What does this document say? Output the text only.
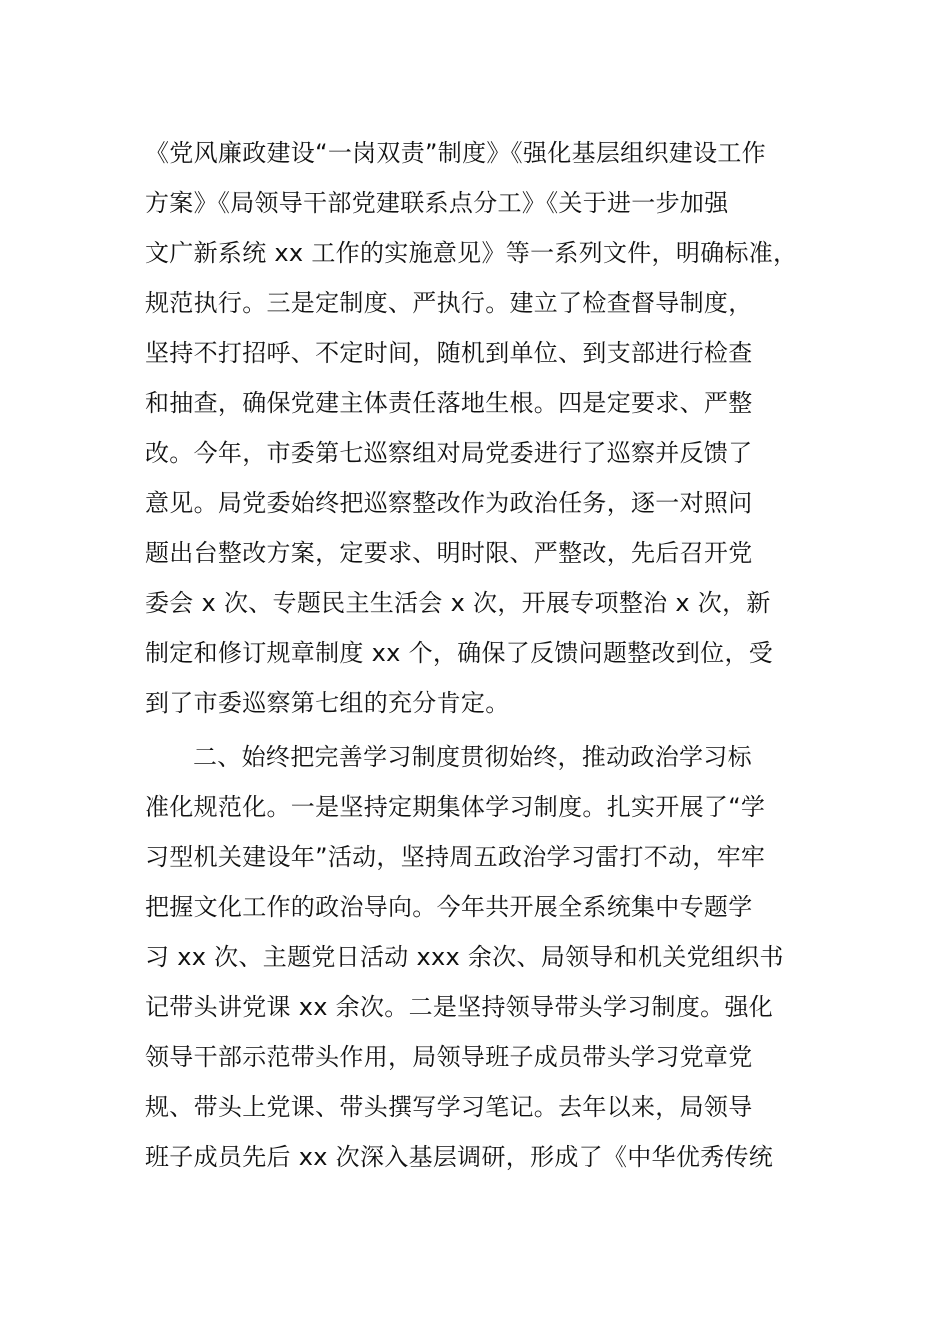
《党风廉政建设“一岗双责”制度》《强化基层组织建设工作
方案》《局领导干部党建联系点分工》《关于进一步加强
文广新系统 xx 工作的实施意见》等一系列文件，明确标准，
规范执行。三是定制度、严执行。建立了检查督导制度，
坚持不打招呼、不定时间，随机到单位、到支部进行检查
和抽查，确保党建主体责任落地生根。四是定要求、严整
改。今年，市委第七巡察组对局党委进行了巡察并反馈了
意见。局党委始终把巡察整改作为政治任务，逐一对照问
题出台整改方案，定要求、明时限、严整改，先后召开党
委会 x 次、专题民主生活会 x 次，开展专项整治 x 次，新
制定和修订规章制度 xx 个，确保了反馈问题整改到位，受
到了市委巡察第七组的充分肯定。
二、始终把完善学习制度贯彻始终，推动政治学习标
准化规范化。一是坚持定期集体学习制度。扎实开展了“学
习型机关建设年”活动，坚持周五政治学习雷打不动，牢牢
把握文化工作的政治导向。今年共开展全系统集中专题学
习 xx 次、主题党日活动 xxx 余次、局领导和机关党组织书
记带头讲党课 xx 余次。二是坚持领导带头学习制度。强化
领导干部示范带头作用，局领导班子成员带头学习党章党
规、带头上党课、带头撰写学习笔记。去年以来，局领导
班子成员先后 xx 次深入基层调研，形成了《中华优秀传统
